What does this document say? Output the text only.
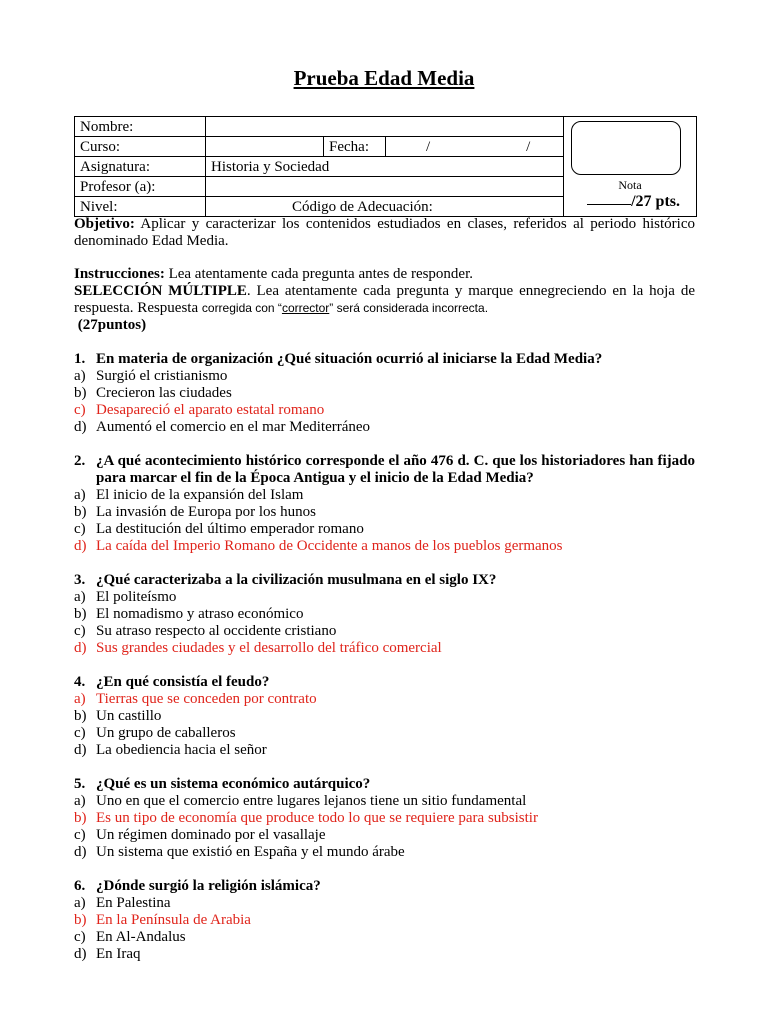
Prueba Edad Media
Nombre:				Nota
/27 pts.

Curso:		Fecha:	/ /	
Asignatura:	Historia y Sociedad			
Profesor (a):				
Nivel:	Código de Adecuación:			

Objetivo: Aplicar y caracterizar los contenidos estudiados en clases, referidos al periodo histórico denominado Edad Media.

Instrucciones: Lea atentamente cada pregunta antes de responder.

SELECCIÓN MÚLTIPLE. Lea atentamente cada pregunta y marque ennegreciendo en la hoja de respuesta. Respuesta corregida con “corrector” será considerada incorrecta.

(27puntos)

1. En materia de organización ¿Qué situación ocurrió al iniciarse la Edad Media?
a) Surgió el cristianismo
b) Crecieron las ciudades
c) Desapareció el aparato estatal romano
d) Aumentó el comercio en el mar Mediterráneo
2. ¿A qué acontecimiento histórico corresponde el año 476 d. C. que los historiadores han fijado para marcar el fin de la Época Antigua y el inicio de la Edad Media?
a) El inicio de la expansión del Islam
b) La invasión de Europa por los hunos
c) La destitución del último emperador romano
d) La caída del Imperio Romano de Occidente a manos de los pueblos germanos
3. ¿Qué caracterizaba a la civilización musulmana en el siglo IX?
a) El politeísmo
b) El nomadismo y atraso económico
c) Su atraso respecto al occidente cristiano
d) Sus grandes ciudades y el desarrollo del tráfico comercial
4. ¿En qué consistía el feudo?
a) Tierras que se conceden por contrato
b) Un castillo
c) Un grupo de caballeros
d) La obediencia hacia el señor
5. ¿Qué es un sistema económico autárquico?
a) Uno en que el comercio entre lugares lejanos tiene un sitio fundamental
b) Es un tipo de economía que produce todo lo que se requiere para subsistir
c) Un régimen dominado por el vasallaje
d) Un sistema que existió en España y el mundo árabe
6. ¿Dónde surgió la religión islámica?
a) En Palestina
b) En la Península de Arabia
c) En Al-Andalus
d) En Iraq
